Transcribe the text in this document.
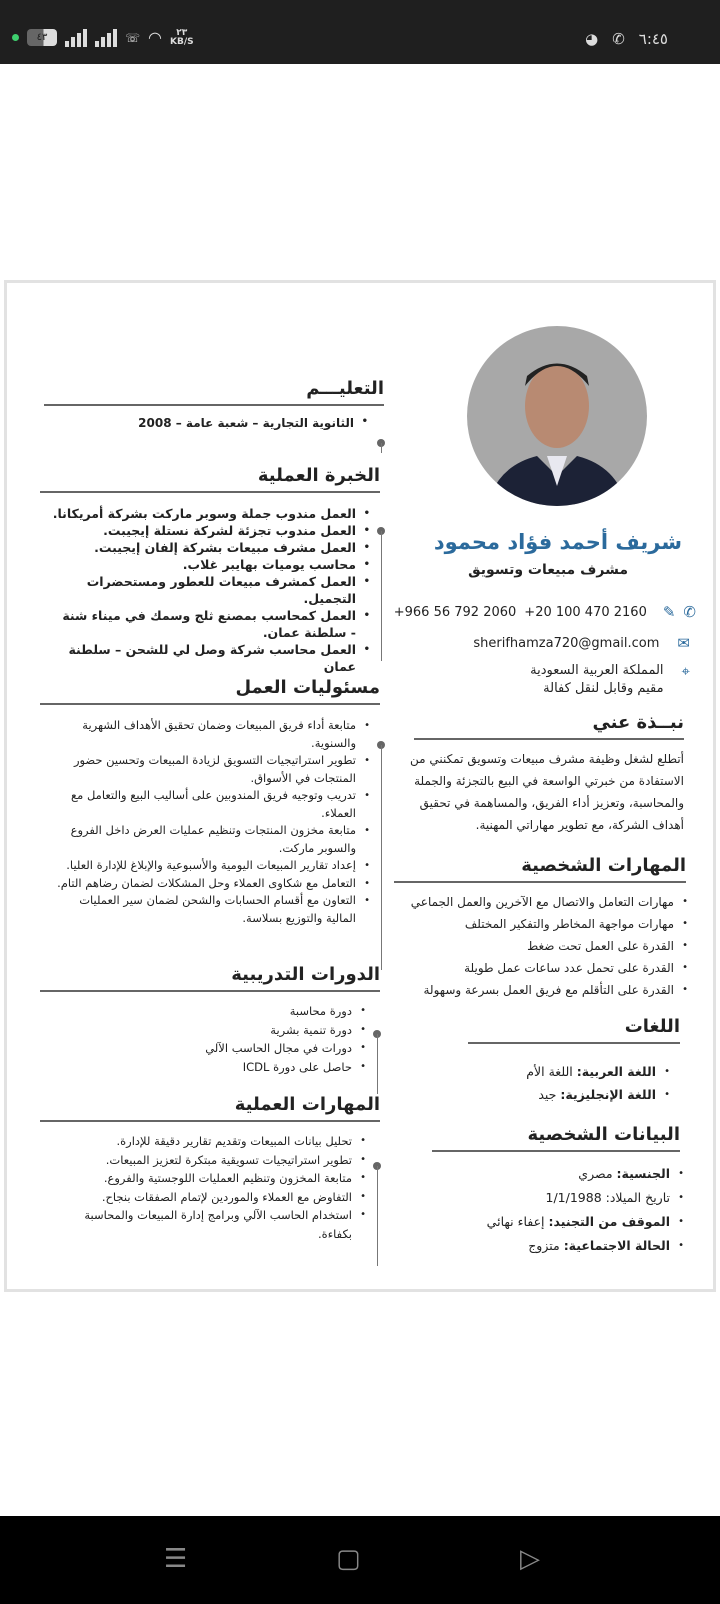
٤٣	☏ ◠	٢٣
KB/S	◕ ✆ ٦:٤٥
شريف أحمد فؤاد محمود
مشرف مبيعات وتسويق
✆
✎
+20 100 470 2160
+966 56 792 2060
✉
sherifhamza720@gmail.com
⌖
المملكة العربية السعودية
مقيم وقابل لنقل كفالة
نبــذة عني

أتطلع لشغل وظيفة مشرف مبيعات وتسويق تمكنني من الاستفادة من خبرتي الواسعة في البيع بالتجزئة والجملة والمحاسبة، وتعزيز أداء الفريق، والمساهمة في تحقيق أهداف الشركة، مع تطوير مهاراتي المهنية.

المهارات الشخصية
• مهارات التعامل والاتصال مع الآخرين والعمل الجماعي
• مهارات مواجهة المخاطر والتفكير المختلف
• القدرة على العمل تحت ضغط
• القدرة على تحمل عدد ساعات عمل طويلة
• القدرة على التأقلم مع فريق العمل بسرعة وسهولة
اللغات
• اللغة العربية: اللغة الأم
• اللغة الإنجليزية: جيد
البيانات الشخصية
• الجنسية: مصري
• تاريخ الميلاد: 1/1/1988
• الموقف من التجنيد: إعفاء نهائي
• الحالة الاجتماعية: متزوج
التعليـــم
• الثانوية التجارية – شعبة عامة – 2008
الخبرة العملية
• العمل مندوب جملة وسوبر ماركت بشركة أمريكانا.
• العمل مندوب تجزئة لشركة نستلة إيجيبت.
• العمل مشرف مبيعات بشركة إلفان إيجيبت.
• محاسب يوميات بهايبر غلاب.
• العمل كمشرف مبيعات للعطور ومستحضرات التجميل.
• العمل كمحاسب بمصنع ثلج وسمك في ميناء شنة - سلطنة عمان.
• العمل محاسب شركة وصل لي للشحن – سلطنة عمان
مسئوليات العمل
• متابعة أداء فريق المبيعات وضمان تحقيق الأهداف الشهرية والسنوية.
• تطوير استراتيجيات التسويق لزيادة المبيعات وتحسين حضور المنتجات في الأسواق.
• تدريب وتوجيه فريق المندوبين على أساليب البيع والتعامل مع العملاء.
• متابعة مخزون المنتجات وتنظيم عمليات العرض داخل الفروع والسوبر ماركت.
• إعداد تقارير المبيعات اليومية والأسبوعية والإبلاغ للإدارة العليا.
• التعامل مع شكاوى العملاء وحل المشكلات لضمان رضاهم التام.
• التعاون مع أقسام الحسابات والشحن لضمان سير العمليات المالية والتوزيع بسلاسة.
الدورات التدريبية
• دورة محاسبة
• دورة تنمية بشرية
• دورات في مجال الحاسب الآلي
• حاصل على دورة ICDL
المهارات العملية
• تحليل بيانات المبيعات وتقديم تقارير دقيقة للإدارة.
• تطوير استراتيجيات تسويقية مبتكرة لتعزيز المبيعات.
• متابعة المخزون وتنظيم العمليات اللوجستية والفروع.
• التفاوض مع العملاء والموردين لإتمام الصفقات بنجاح.
• استخدام الحاسب الآلي وبرامج إدارة المبيعات والمحاسبة بكفاءة.
☰	▢	▷
